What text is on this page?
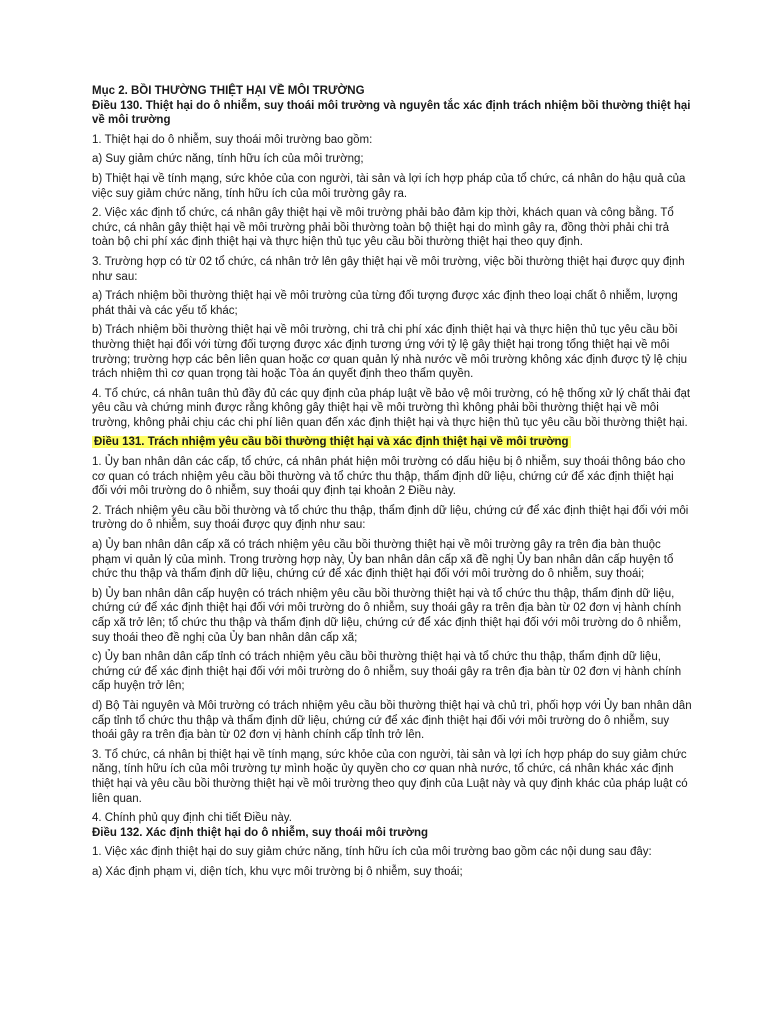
Mục 2. BỒI THƯỜNG THIỆT HẠI VỀ MÔI TRƯỜNG

Điều 130. Thiệt hại do ô nhiễm, suy thoái môi trường và nguyên tắc xác định trách nhiệm bồi thường thiệt hại về môi trường

1. Thiệt hại do ô nhiễm, suy thoái môi trường bao gồm:

a) Suy giảm chức năng, tính hữu ích của môi trường;

b) Thiệt hại về tính mạng, sức khỏe của con người, tài sản và lợi ích hợp pháp của tổ chức, cá nhân do hậu quả của việc suy giảm chức năng, tính hữu ích của môi trường gây ra.

2. Việc xác định tổ chức, cá nhân gây thiệt hại về môi trường phải bảo đảm kịp thời, khách quan và công bằng. Tổ chức, cá nhân gây thiệt hại về môi trường phải bồi thường toàn bộ thiệt hại do mình gây ra, đồng thời phải chi trả toàn bộ chi phí xác định thiệt hại và thực hiện thủ tục yêu cầu bồi thường thiệt hại theo quy định.

3. Trường hợp có từ 02 tổ chức, cá nhân trở lên gây thiệt hại về môi trường, việc bồi thường thiệt hại được quy định như sau:

a) Trách nhiệm bồi thường thiệt hại về môi trường của từng đối tượng được xác định theo loại chất ô nhiễm, lượng phát thải và các yếu tố khác;

b) Trách nhiệm bồi thường thiệt hại về môi trường, chi trả chi phí xác định thiệt hại và thực hiện thủ tục yêu cầu bồi thường thiệt hại đối với từng đối tượng được xác định tương ứng với tỷ lệ gây thiệt hại trong tổng thiệt hại về môi trường; trường hợp các bên liên quan hoặc cơ quan quản lý nhà nước về môi trường không xác định được tỷ lệ chịu trách nhiệm thì cơ quan trọng tài hoặc Tòa án quyết định theo thẩm quyền.

4. Tổ chức, cá nhân tuân thủ đầy đủ các quy định của pháp luật về bảo vệ môi trường, có hệ thống xử lý chất thải đạt yêu cầu và chứng minh được rằng không gây thiệt hại về môi trường thì không phải bồi thường thiệt hại về môi trường, không phải chịu các chi phí liên quan đến xác định thiệt hại và thực hiện thủ tục yêu cầu bồi thường thiệt hại.

Điều 131. Trách nhiệm yêu cầu bồi thường thiệt hại và xác định thiệt hại về môi trường

1. Ủy ban nhân dân các cấp, tổ chức, cá nhân phát hiện môi trường có dấu hiệu bị ô nhiễm, suy thoái thông báo cho cơ quan có trách nhiệm yêu cầu bồi thường và tổ chức thu thập, thẩm định dữ liệu, chứng cứ để xác định thiệt hại đối với môi trường do ô nhiễm, suy thoái quy định tại khoản 2 Điều này.

2. Trách nhiệm yêu cầu bồi thường và tổ chức thu thập, thẩm định dữ liệu, chứng cứ để xác định thiệt hại đối với môi trường do ô nhiễm, suy thoái được quy định như sau:

a) Ủy ban nhân dân cấp xã có trách nhiệm yêu cầu bồi thường thiệt hại về môi trường gây ra trên địa bàn thuộc phạm vi quản lý của mình. Trong trường hợp này, Ủy ban nhân dân cấp xã đề nghị Ủy ban nhân dân cấp huyện tổ chức thu thập và thẩm định dữ liệu, chứng cứ để xác định thiệt hại đối với môi trường do ô nhiễm, suy thoái;

b) Ủy ban nhân dân cấp huyện có trách nhiệm yêu cầu bồi thường thiệt hại và tổ chức thu thập, thẩm định dữ liệu, chứng cứ để xác định thiệt hại đối với môi trường do ô nhiễm, suy thoái gây ra trên địa bàn từ 02 đơn vị hành chính cấp xã trở lên; tổ chức thu thập và thẩm định dữ liệu, chứng cứ để xác định thiệt hại đối với môi trường do ô nhiễm, suy thoái theo đề nghị của Ủy ban nhân dân cấp xã;

c) Ủy ban nhân dân cấp tỉnh có trách nhiệm yêu cầu bồi thường thiệt hại và tổ chức thu thập, thẩm định dữ liệu, chứng cứ để xác định thiệt hại đối với môi trường do ô nhiễm, suy thoái gây ra trên địa bàn từ 02 đơn vị hành chính cấp huyện trở lên;

d) Bộ Tài nguyên và Môi trường có trách nhiệm yêu cầu bồi thường thiệt hại và chủ trì, phối hợp với Ủy ban nhân dân cấp tỉnh tổ chức thu thập và thẩm định dữ liệu, chứng cứ để xác định thiệt hại đối với môi trường do ô nhiễm, suy thoái gây ra trên địa bàn từ 02 đơn vị hành chính cấp tỉnh trở lên.

3. Tổ chức, cá nhân bị thiệt hại về tính mạng, sức khỏe của con người, tài sản và lợi ích hợp pháp do suy giảm chức năng, tính hữu ích của môi trường tự mình hoặc ủy quyền cho cơ quan nhà nước, tổ chức, cá nhân khác xác định thiệt hại và yêu cầu bồi thường thiệt hại về môi trường theo quy định của Luật này và quy định khác của pháp luật có liên quan.

4. Chính phủ quy định chi tiết Điều này.

Điều 132. Xác định thiệt hại do ô nhiễm, suy thoái môi trường

1. Việc xác định thiệt hại do suy giảm chức năng, tính hữu ích của môi trường bao gồm các nội dung sau đây:

a) Xác định phạm vi, diện tích, khu vực môi trường bị ô nhiễm, suy thoái;
